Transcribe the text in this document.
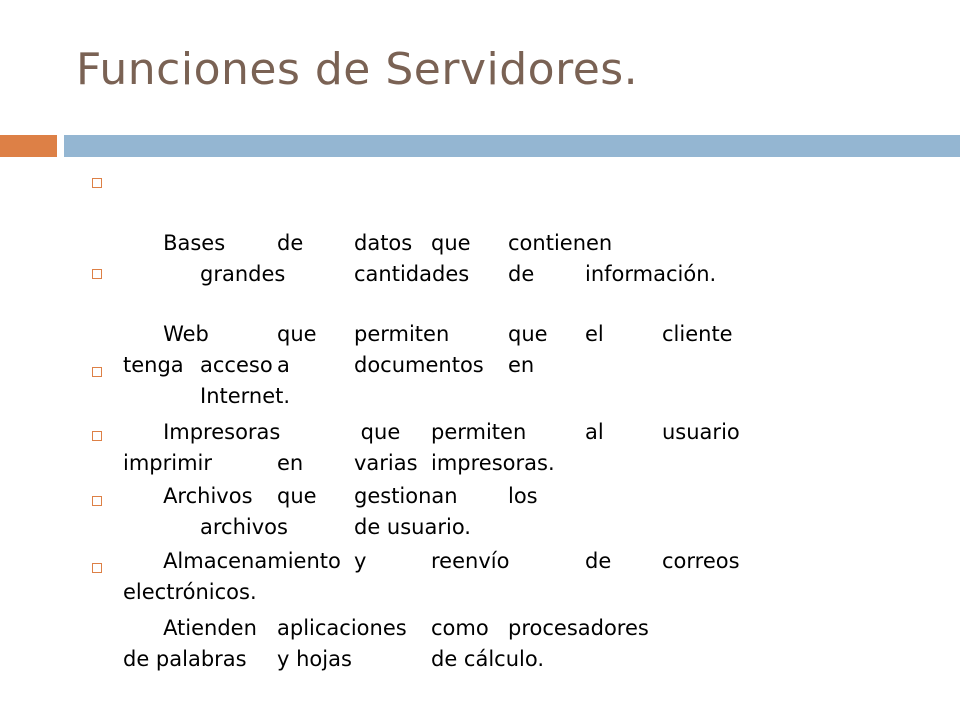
Funciones de Servidores.

Bases	de	datos	que	contienen
	grandes	cantidades	de	información.

Web	que	permiten	que	el	cliente
tenga	acceso	a	documentos	en
	Internet.

Impresoras	que	permiten	al	usuario
imprimir	en	varias	impresoras.

Archivos	que	gestionan	los
	archivos	de usuario.

Almacenamiento	y	reenvío	de	correos
electrónicos.

Atienden	aplicaciones	como	procesadores
de palabras	y hojas	de cálculo.
